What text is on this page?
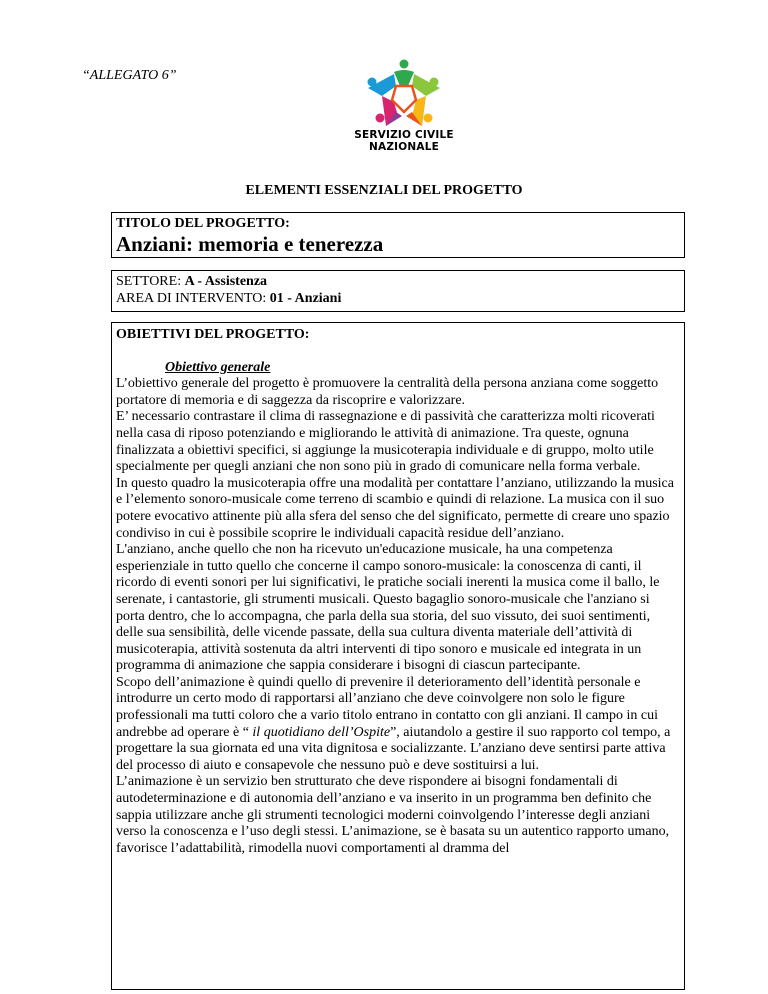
“ALLEGATO 6”
SERVIZIO CIVILE
NAZIONALE
ELEMENTI ESSENZIALI DEL PROGETTO
TITOLO DEL PROGETTO:
Anziani: memoria e tenerezza
SETTORE: A - Assistenza
AREA DI INTERVENTO: 01 - Anziani
OBIETTIVI DEL PROGETTO:
Obiettivo generale

L’obiettivo generale del progetto è promuovere la centralità della persona anziana come soggetto portatore di memoria e di saggezza da riscoprire e valorizzare.

E’ necessario contrastare il clima di rassegnazione e di passività che caratterizza molti ricoverati nella casa di riposo potenziando e migliorando le attività di animazione. Tra queste, ognuna finalizzata a obiettivi specifici, si aggiunge la musicoterapia individuale e di gruppo, molto utile specialmente per quegli anziani che non sono più in grado di comunicare nella forma verbale.

In questo quadro la musicoterapia offre una modalità per contattare l’anziano, utilizzando la musica e l’elemento sonoro-musicale come terreno di scambio e quindi di relazione. La musica con il suo potere evocativo attinente più alla sfera del senso che del significato, permette di creare uno spazio condiviso in cui è possibile scoprire le individuali capacità residue dell’anziano.

L'anziano, anche quello che non ha ricevuto un'educazione musicale, ha una competenza esperienziale in tutto quello che concerne il campo sonoro-musicale: la conoscenza di canti, il ricordo di eventi sonori per lui significativi, le pratiche sociali inerenti la musica come il ballo, le serenate, i cantastorie, gli strumenti musicali. Questo bagaglio sonoro-musicale che l'anziano si porta dentro, che lo accompagna, che parla della sua storia, del suo vissuto, dei suoi sentimenti, delle sua sensibilità, delle vicende passate, della sua cultura diventa materiale dell’attività di musicoterapia, attività sostenuta da altri interventi di tipo sonoro e musicale ed integrata in un programma di animazione che sappia considerare i bisogni di ciascun partecipante.

Scopo dell’animazione è quindi quello di prevenire il deterioramento dell’identità personale e introdurre un certo modo di rapportarsi all’anziano che deve coinvolgere non solo le figure professionali ma tutti coloro che a vario titolo entrano in contatto con gli anziani. Il campo in cui andrebbe ad operare è “ il quotidiano dell’Ospite”, aiutandolo a gestire il suo rapporto col tempo, a progettare la sua giornata ed una vita dignitosa e socializzante. L’anziano deve sentirsi parte attiva del processo di aiuto e consapevole che nessuno può e deve sostituirsi a lui.

L’animazione è un servizio ben strutturato che deve rispondere ai bisogni fondamentali di autodeterminazione e di autonomia dell’anziano e va inserito in un programma ben definito che sappia utilizzare anche gli strumenti tecnologici moderni coinvolgendo l’interesse degli anziani verso la conoscenza e l’uso degli stessi. L’animazione, se è basata su un autentico rapporto umano, favorisce l’adattabilità, rimodella nuovi comportamenti al dramma del
